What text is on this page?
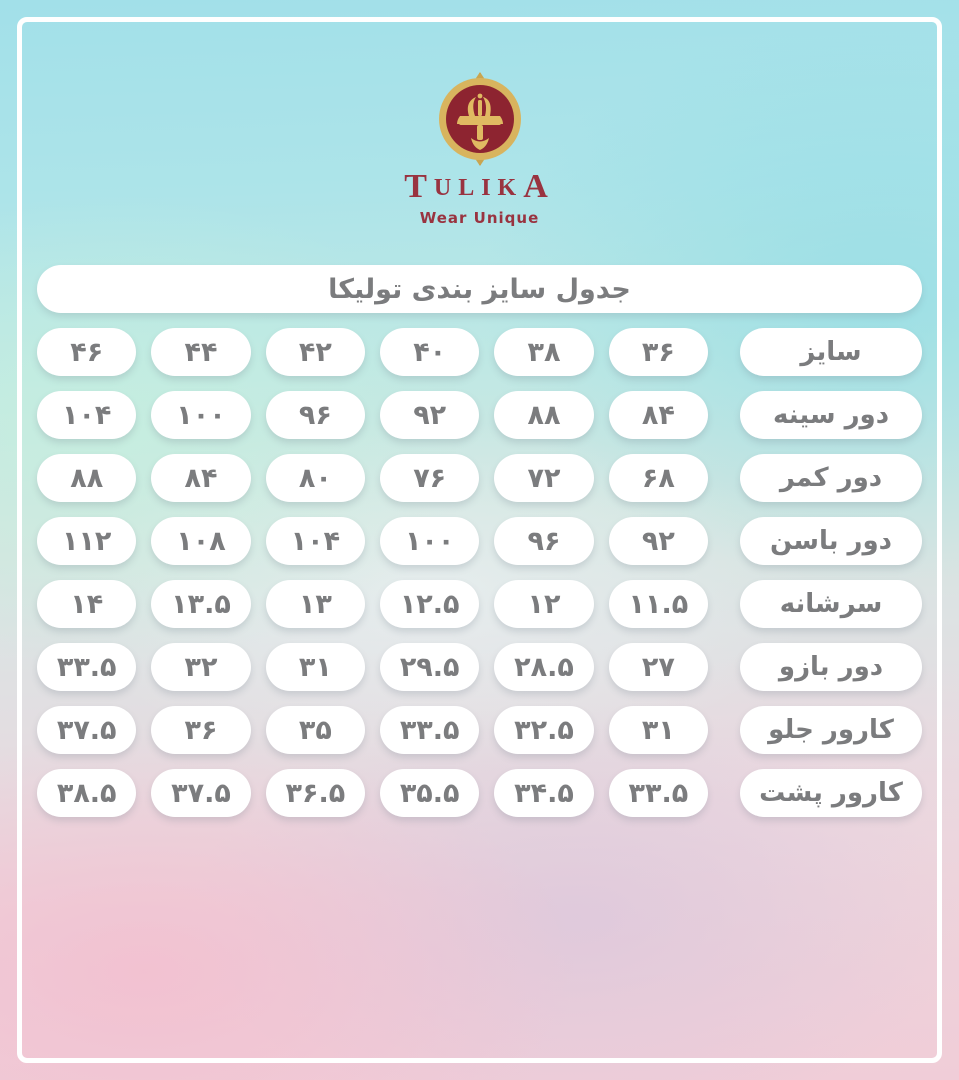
TULIKA
Wear Unique
جدول سایز بندی تولیکا
سایز
۳۶
۳۸
۴۰
۴۲
۴۴
۴۶
دور سینه
۸۴
۸۸
۹۲
۹۶
۱۰۰
۱۰۴
دور کمر
۶۸
۷۲
۷۶
۸۰
۸۴
۸۸
دور باسن
۹۲
۹۶
۱۰۰
۱۰۴
۱۰۸
۱۱۲
سرشانه
۱۱.۵
۱۲
۱۲.۵
۱۳
۱۳.۵
۱۴
دور بازو
۲۷
۲۸.۵
۲۹.۵
۳۱
۳۲
۳۳.۵
کارور جلو
۳۱
۳۲.۵
۳۳.۵
۳۵
۳۶
۳۷.۵
کارور پشت
۳۳.۵
۳۴.۵
۳۵.۵
۳۶.۵
۳۷.۵
۳۸.۵
